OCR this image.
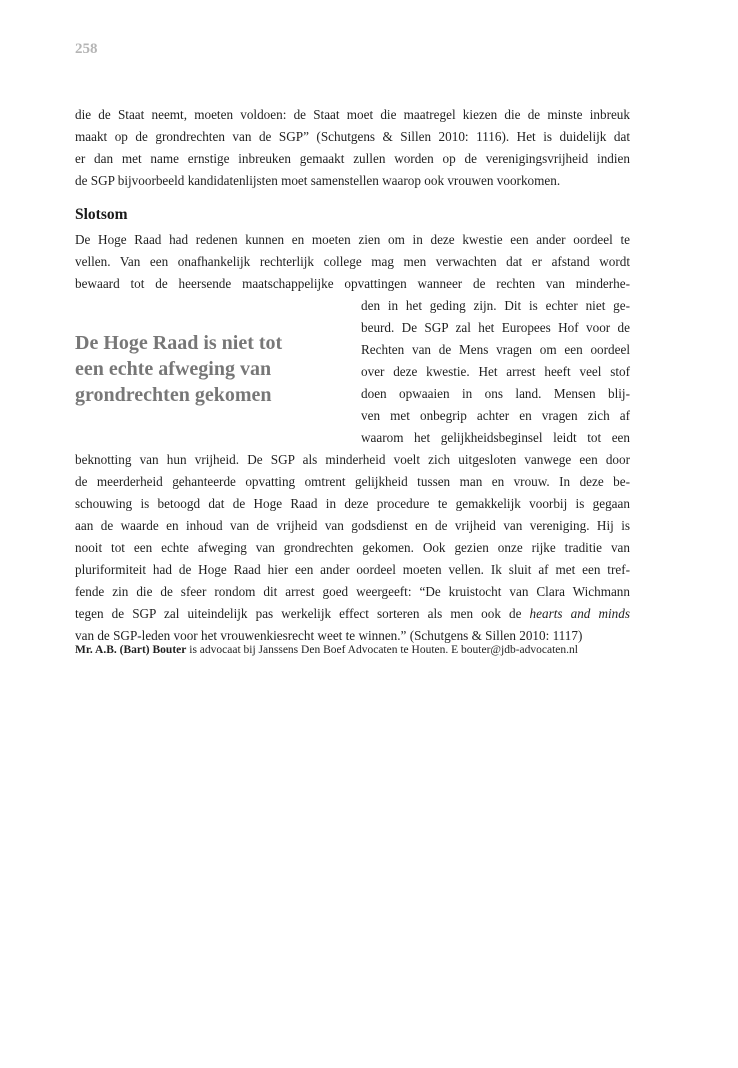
258
die de Staat neemt, moeten voldoen: de Staat moet die maatregel kiezen die de minste inbreuk
maakt op de grondrechten van de SGP” (Schutgens & Sillen 2010: 1116). Het is duidelijk dat
er dan met name ernstige inbreuken gemaakt zullen worden op de verenigingsvrijheid indien
de SGP bijvoorbeeld kandidatenlijsten moet samenstellen waarop ook vrouwen voorkomen.
Slotsom
De Hoge Raad had redenen kunnen en moeten zien om in deze kwestie een ander oordeel te
vellen. Van een onafhankelijk rechterlijk college mag men verwachten dat er afstand wordt
bewaard tot de heersende maatschappelijke opvattingen wanneer de rechten van minderhe-
De Hoge Raad is niet tot
een echte afweging van
grondrechten gekomen
den in het geding zijn. Dit is echter niet ge-
beurd. De SGP zal het Europees Hof voor de
Rechten van de Mens vragen om een oordeel
over deze kwestie. Het arrest heeft veel stof
doen opwaaien in ons land. Mensen blij-
ven met onbegrip achter en vragen zich af
waarom het gelijkheidsbeginsel leidt tot een
beknotting van hun vrijheid. De SGP als minderheid voelt zich uitgesloten vanwege een door
de meerderheid gehanteerde opvatting omtrent gelijkheid tussen man en vrouw. In deze be-
schouwing is betoogd dat de Hoge Raad in deze procedure te gemakkelijk voorbij is gegaan
aan de waarde en inhoud van de vrijheid van godsdienst en de vrijheid van vereniging. Hij is
nooit tot een echte afweging van grondrechten gekomen. Ook gezien onze rijke traditie van
pluriformiteit had de Hoge Raad hier een ander oordeel moeten vellen. Ik sluit af met een tref-
fende zin die de sfeer rondom dit arrest goed weergeeft: “De kruistocht van Clara Wichmann
tegen de SGP zal uiteindelijk pas werkelijk effect sorteren als men ook de hearts and minds
van de SGP-leden voor het vrouwenkiesrecht weet te winnen.” (Schutgens & Sillen 2010: 1117)
Mr. A.B. (Bart) Bouter is advocaat bij Janssens Den Boef Advocaten te Houten. E bouter@jdb-advocaten.nl
